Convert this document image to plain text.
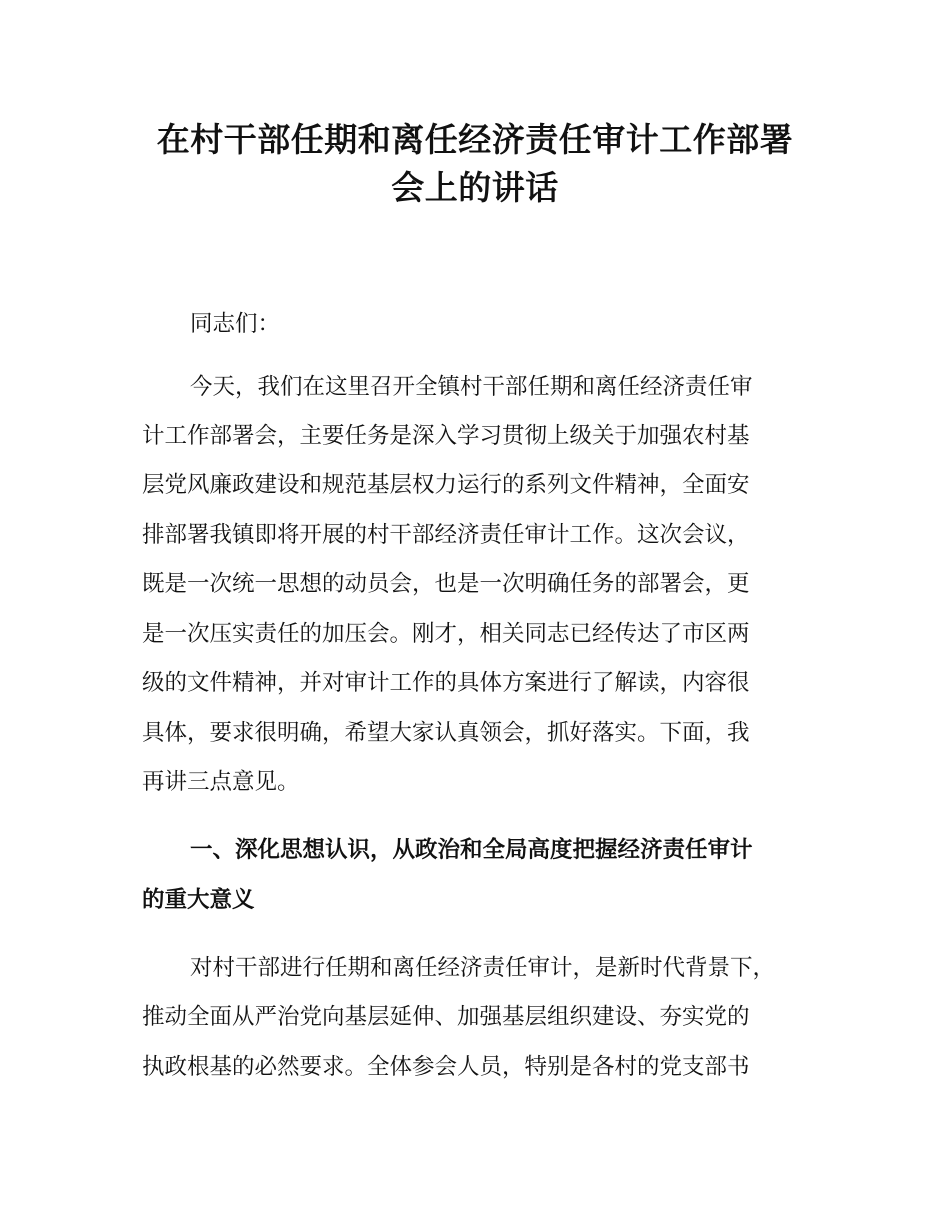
在村干部任期和离任经济责任审计工作部署
会上的讲话

同志们：

今天，我们在这里召开全镇村干部任期和离任经济责任审

计工作部署会，主要任务是深入学习贯彻上级关于加强农村基

层党风廉政建设和规范基层权力运行的系列文件精神，全面安

排部署我镇即将开展的村干部经济责任审计工作。这次会议，

既是一次统一思想的动员会，也是一次明确任务的部署会，更

是一次压实责任的加压会。刚才，相关同志已经传达了市区两

级的文件精神，并对审计工作的具体方案进行了解读，内容很

具体，要求很明确，希望大家认真领会，抓好落实。下面，我

再讲三点意见。

一、深化思想认识，从政治和全局高度把握经济责任审计

的重大意义

对村干部进行任期和离任经济责任审计，是新时代背景下，

推动全面从严治党向基层延伸、加强基层组织建设、夯实党的

执政根基的必然要求。全体参会人员，特别是各村的党支部书
